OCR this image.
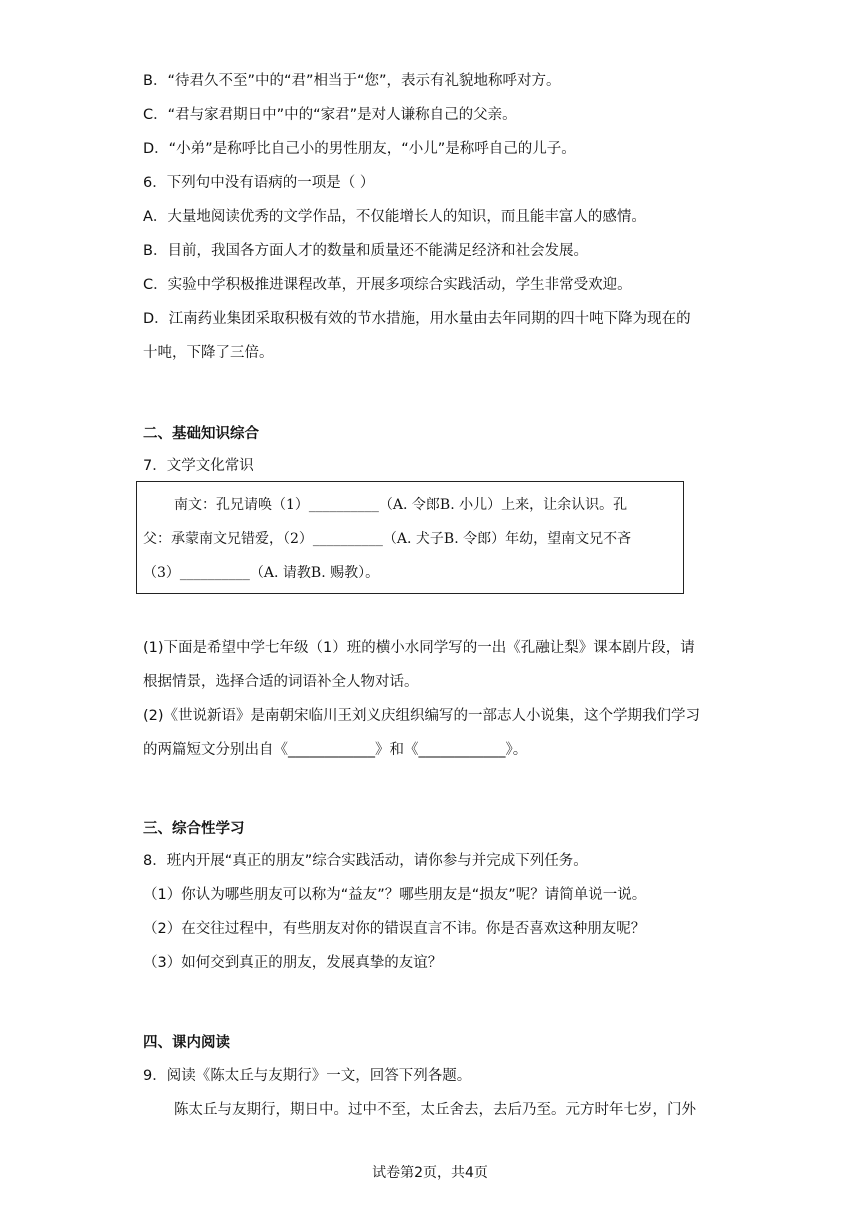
B．“待君久不至”中的“君”相当于“您”，表示有礼貌地称呼对方。
C．“君与家君期日中”中的“家君”是对人谦称自己的父亲。
D．“小弟”是称呼比自己小的男性朋友，“小儿”是称呼自己的儿子。
6．下列句中没有语病的一项是（ ）
A．大量地阅读优秀的文学作品，不仅能增长人的知识，而且能丰富人的感情。
B．目前，我国各方面人才的数量和质量还不能满足经济和社会发展。
C．实验中学积极推进课程改革，开展多项综合实践活动，学生非常受欢迎。
D．江南药业集团采取积极有效的节水措施，用水量由去年同期的四十吨下降为现在的
十吨，下降了三倍。
二、基础知识综合
7．文学文化常识
南文：孔兄请唤（1）__________（A. 令郎B. 小儿）上来，让余认识。孔
父：承蒙南文兄错爱，（2）__________（A. 犬子B. 令郎）年幼，望南文兄不吝
（3）__________（A. 请教B. 赐教）。
(1)下面是希望中学七年级（1）班的横小水同学写的一出《孔融让梨》课本剧片段，请
根据情景，选择合适的词语补全人物对话。
(2)《世说新语》是南朝宋临川王刘义庆组织编写的一部志人小说集，这个学期我们学习
的两篇短文分别出自《____________》和《____________》。
三、综合性学习
8．班内开展“真正的朋友”综合实践活动，请你参与并完成下列任务。
（1）你认为哪些朋友可以称为“益友”？哪些朋友是“损友”呢？请简单说一说。
（2）在交往过程中，有些朋友对你的错误直言不讳。你是否喜欢这种朋友呢？
（3）如何交到真正的朋友，发展真挚的友谊？
四、课内阅读
9．阅读《陈太丘与友期行》一文，回答下列各题。
陈太丘与友期行，期日中。过中不至，太丘舍去，去后乃至。元方时年七岁，门外
试卷第2页，共4页
